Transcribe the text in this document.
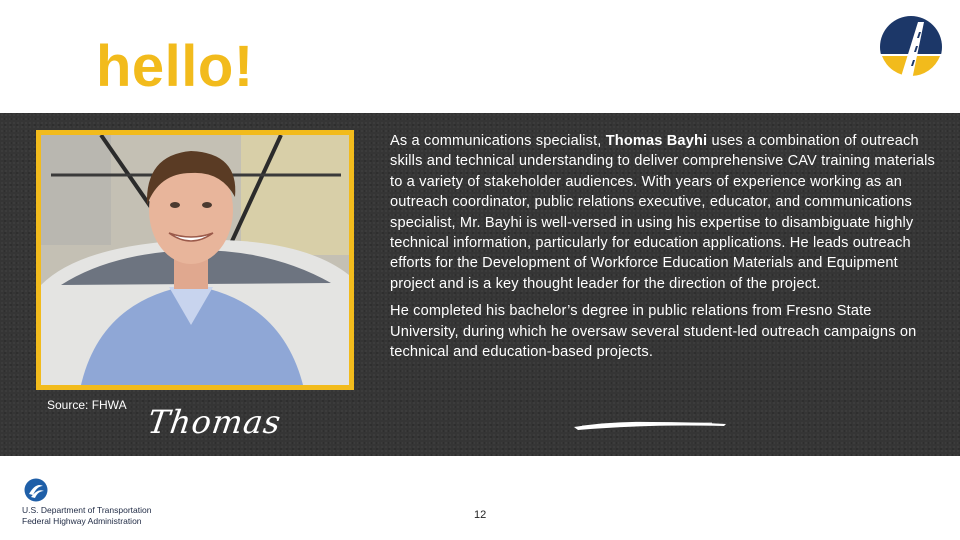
hello!
Source: FHWA Thomas

As a communications specialist, Thomas Bayhi uses a combination of outreach skills and technical understanding to deliver comprehensive CAV training materials to a variety of stakeholder audiences. With years of experience working as an outreach coordinator, public relations executive, educator, and communications specialist, Mr. Bayhi is well-versed in using his expertise to disambiguate highly technical information, particularly for education applications. He leads outreach efforts for the Development of Workforce Education Materials and Equipment project and is a key thought leader for the direction of the project.

He completed his bachelor’s degree in public relations from Fresno State University, during which he oversaw several student-led outreach campaigns on technical and education-based projects.

U.S. Department of Transportation
Federal Highway Administration	12
